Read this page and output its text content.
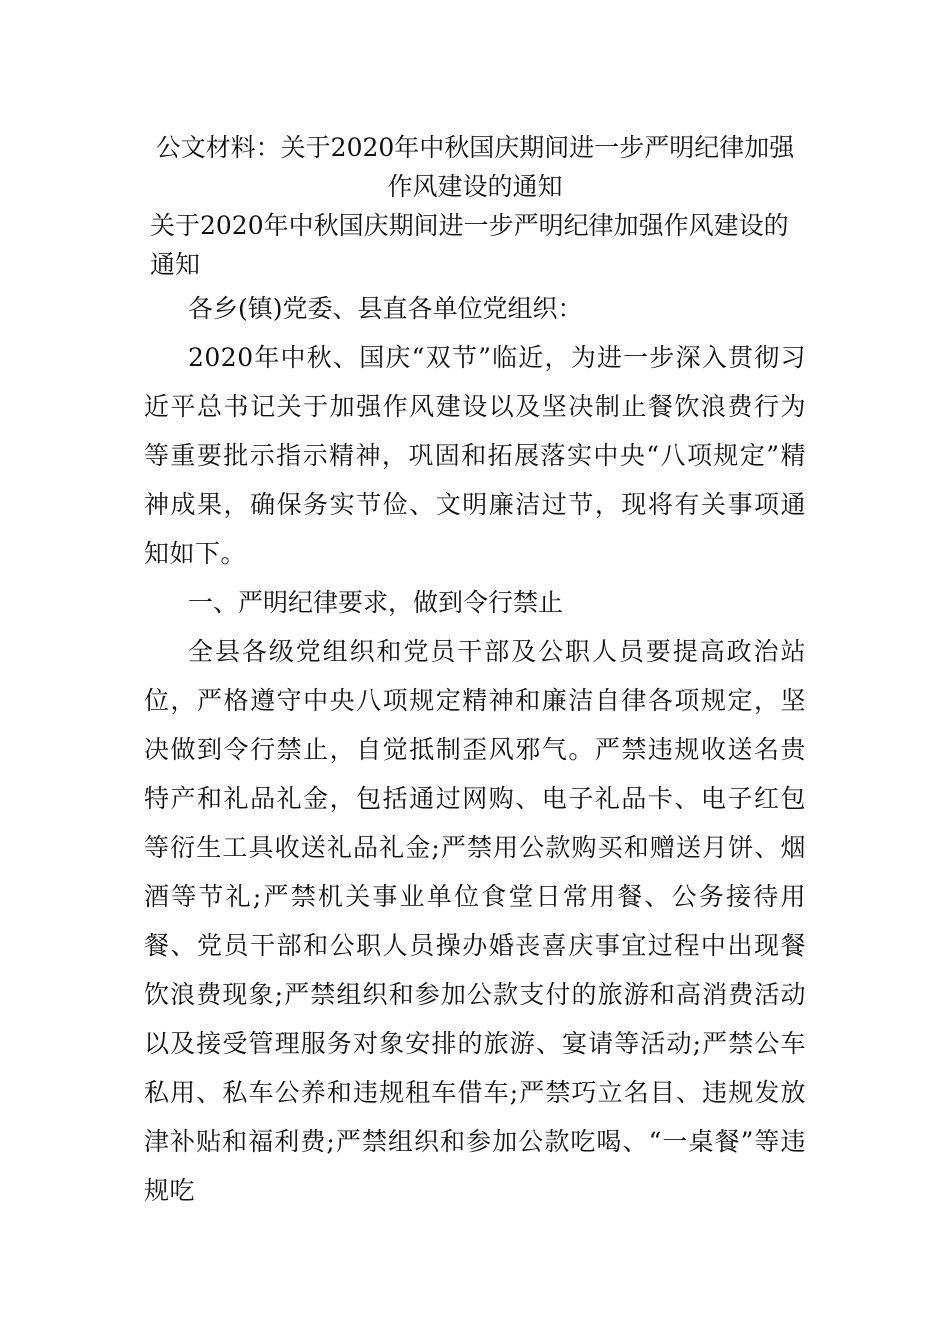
公文材料：关于2020年中秋国庆期间进一步严明纪律加强作风建设的通知
关于2020年中秋国庆期间进一步严明纪律加强作风建设的通知

各乡(镇)党委、县直各单位党组织：

2020年中秋、国庆“双节”临近，为进一步深入贯彻习近平总书记关于加强作风建设以及坚决制止餐饮浪费行为等重要批示指示精神，巩固和拓展落实中央“八项规定”精神成果，确保务实节俭、文明廉洁过节，现将有关事项通知如下。

一、严明纪律要求，做到令行禁止

全县各级党组织和党员干部及公职人员要提高政治站位，严格遵守中央八项规定精神和廉洁自律各项规定，坚决做到令行禁止，自觉抵制歪风邪气。严禁违规收送名贵特产和礼品礼金，包括通过网购、电子礼品卡、电子红包等衍生工具收送礼品礼金;严禁用公款购买和赠送月饼、烟酒等节礼;严禁机关事业单位食堂日常用餐、公务接待用餐、党员干部和公职人员操办婚丧喜庆事宜过程中出现餐饮浪费现象;严禁组织和参加公款支付的旅游和高消费活动以及接受管理服务对象安排的旅游、宴请等活动;严禁公车私用、私车公养和违规租车借车;严禁巧立名目、违规发放津补贴和福利费;严禁组织和参加公款吃喝、“一桌餐”等违规吃
